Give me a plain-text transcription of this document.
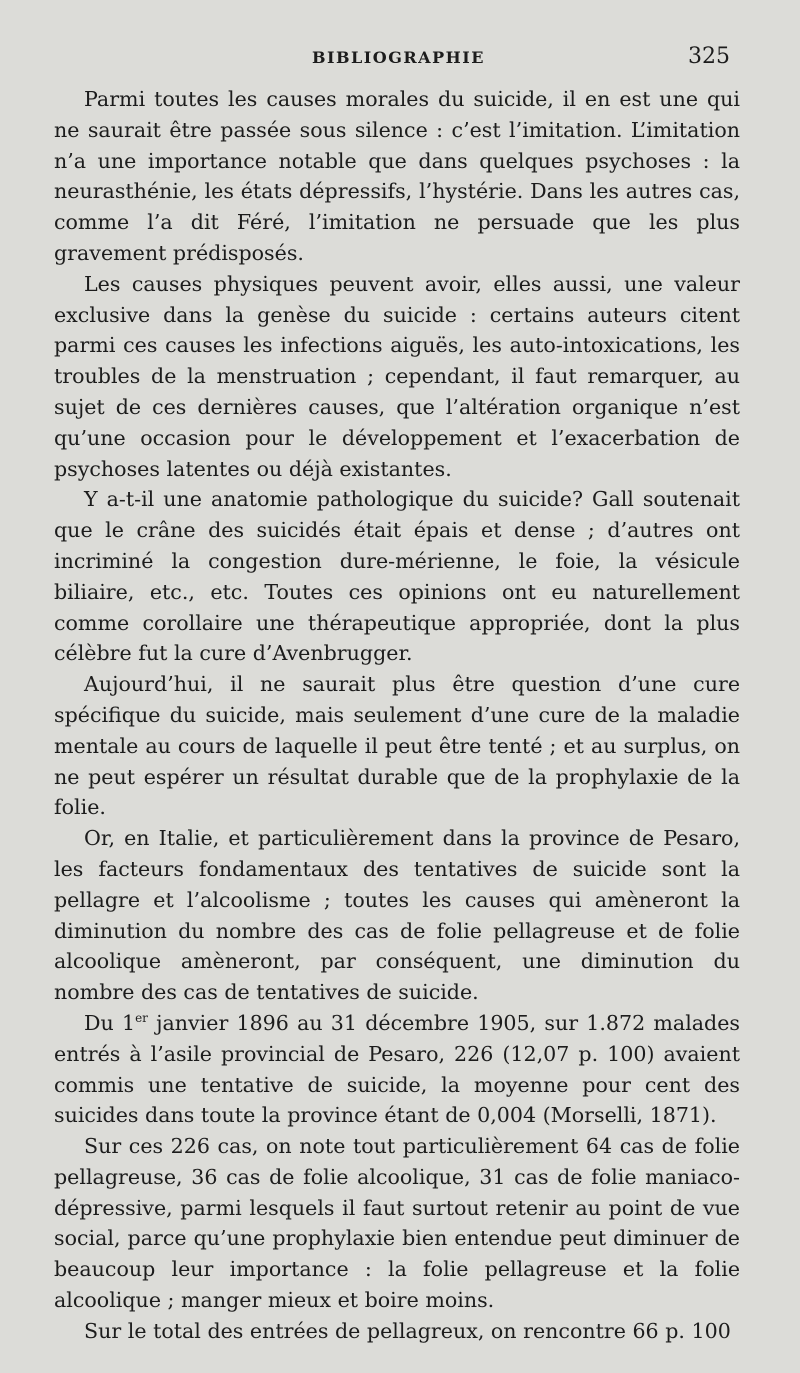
BIBLIOGRAPHIE	325

Parmi toutes les causes morales du suicide, il en est une qui ne saurait être passée sous silence : c’est l’imitation. L’imitation n’a une importance notable que dans quelques psychoses : la neurasthénie, les états dépressifs, l’hystérie. Dans les autres cas, comme l’a dit Féré, l’imitation ne persuade que les plus gravement prédisposés.

Les causes physiques peuvent avoir, elles aussi, une valeur exclusive dans la genèse du suicide : certains auteurs citent parmi ces causes les infections aiguës, les auto-intoxications, les troubles de la menstruation ; cependant, il faut remarquer, au sujet de ces dernières causes, que l’altération organique n’est qu’une occasion pour le développement et l’exacerbation de psychoses latentes ou déjà existantes.

Y a-t-il une anatomie pathologique du suicide? Gall soutenait que le crâne des suicidés était épais et dense ; d’autres ont incriminé la congestion dure-mérienne, le foie, la vésicule biliaire, etc., etc. Toutes ces opinions ont eu naturellement comme corollaire une thérapeutique appropriée, dont la plus célèbre fut la cure d’Avenbrugger.

Aujourd’hui, il ne saurait plus être question d’une cure spécifique du suicide, mais seulement d’une cure de la maladie mentale au cours de laquelle il peut être tenté ; et au surplus, on ne peut espérer un résultat durable que de la prophylaxie de la folie.

Or, en Italie, et particulièrement dans la province de Pesaro, les facteurs fondamentaux des tentatives de suicide sont la pellagre et l’alcoolisme ; toutes les causes qui amèneront la diminution du nombre des cas de folie pellagreuse et de folie alcoolique amèneront, par conséquent, une diminution du nombre des cas de tentatives de suicide.

Du 1er janvier 1896 au 31 décembre 1905, sur 1.872 malades entrés à l’asile provincial de Pesaro, 226 (12,07 p. 100) avaient commis une tentative de suicide, la moyenne pour cent des suicides dans toute la province étant de 0,004 (Morselli, 1871).

Sur ces 226 cas, on note tout particulièrement 64 cas de folie pellagreuse, 36 cas de folie alcoolique, 31 cas de folie maniaco-dépressive, parmi lesquels il faut surtout retenir au point de vue social, parce qu’une prophylaxie bien entendue peut diminuer de beaucoup leur importance : la folie pellagreuse et la folie alcoolique ; manger mieux et boire moins.

Sur le total des entrées de pellagreux, on rencontre 66 p. 100
